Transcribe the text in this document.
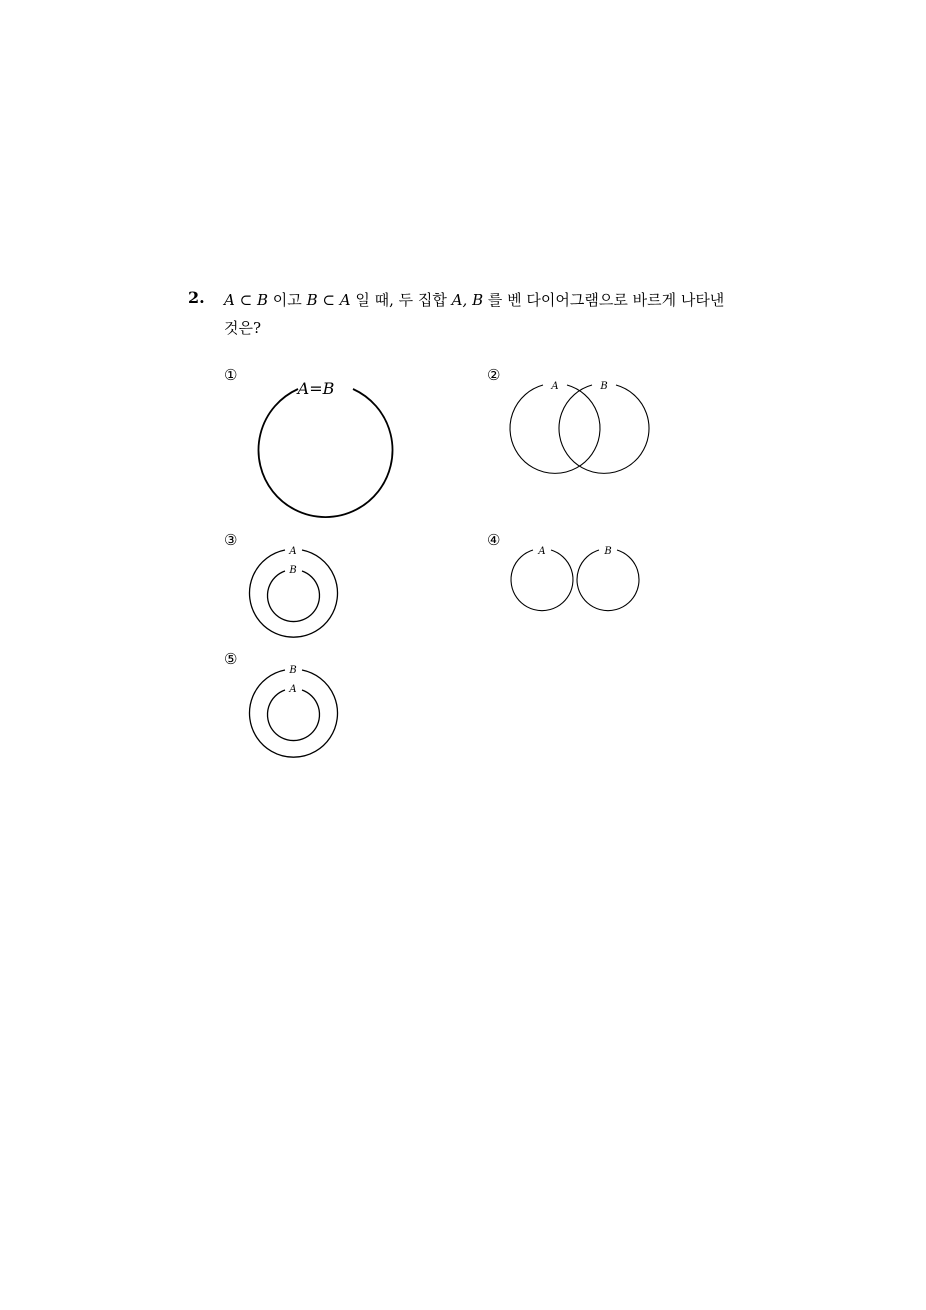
2. A ⊂ B 이고 B ⊂ A 일 때, 두 집합 A, B 를 벤 다이어그램으로 바르게 나타낸
것은?
①	②
③	④
⑤
A=B	A	B
A
B
A	B
B
A
